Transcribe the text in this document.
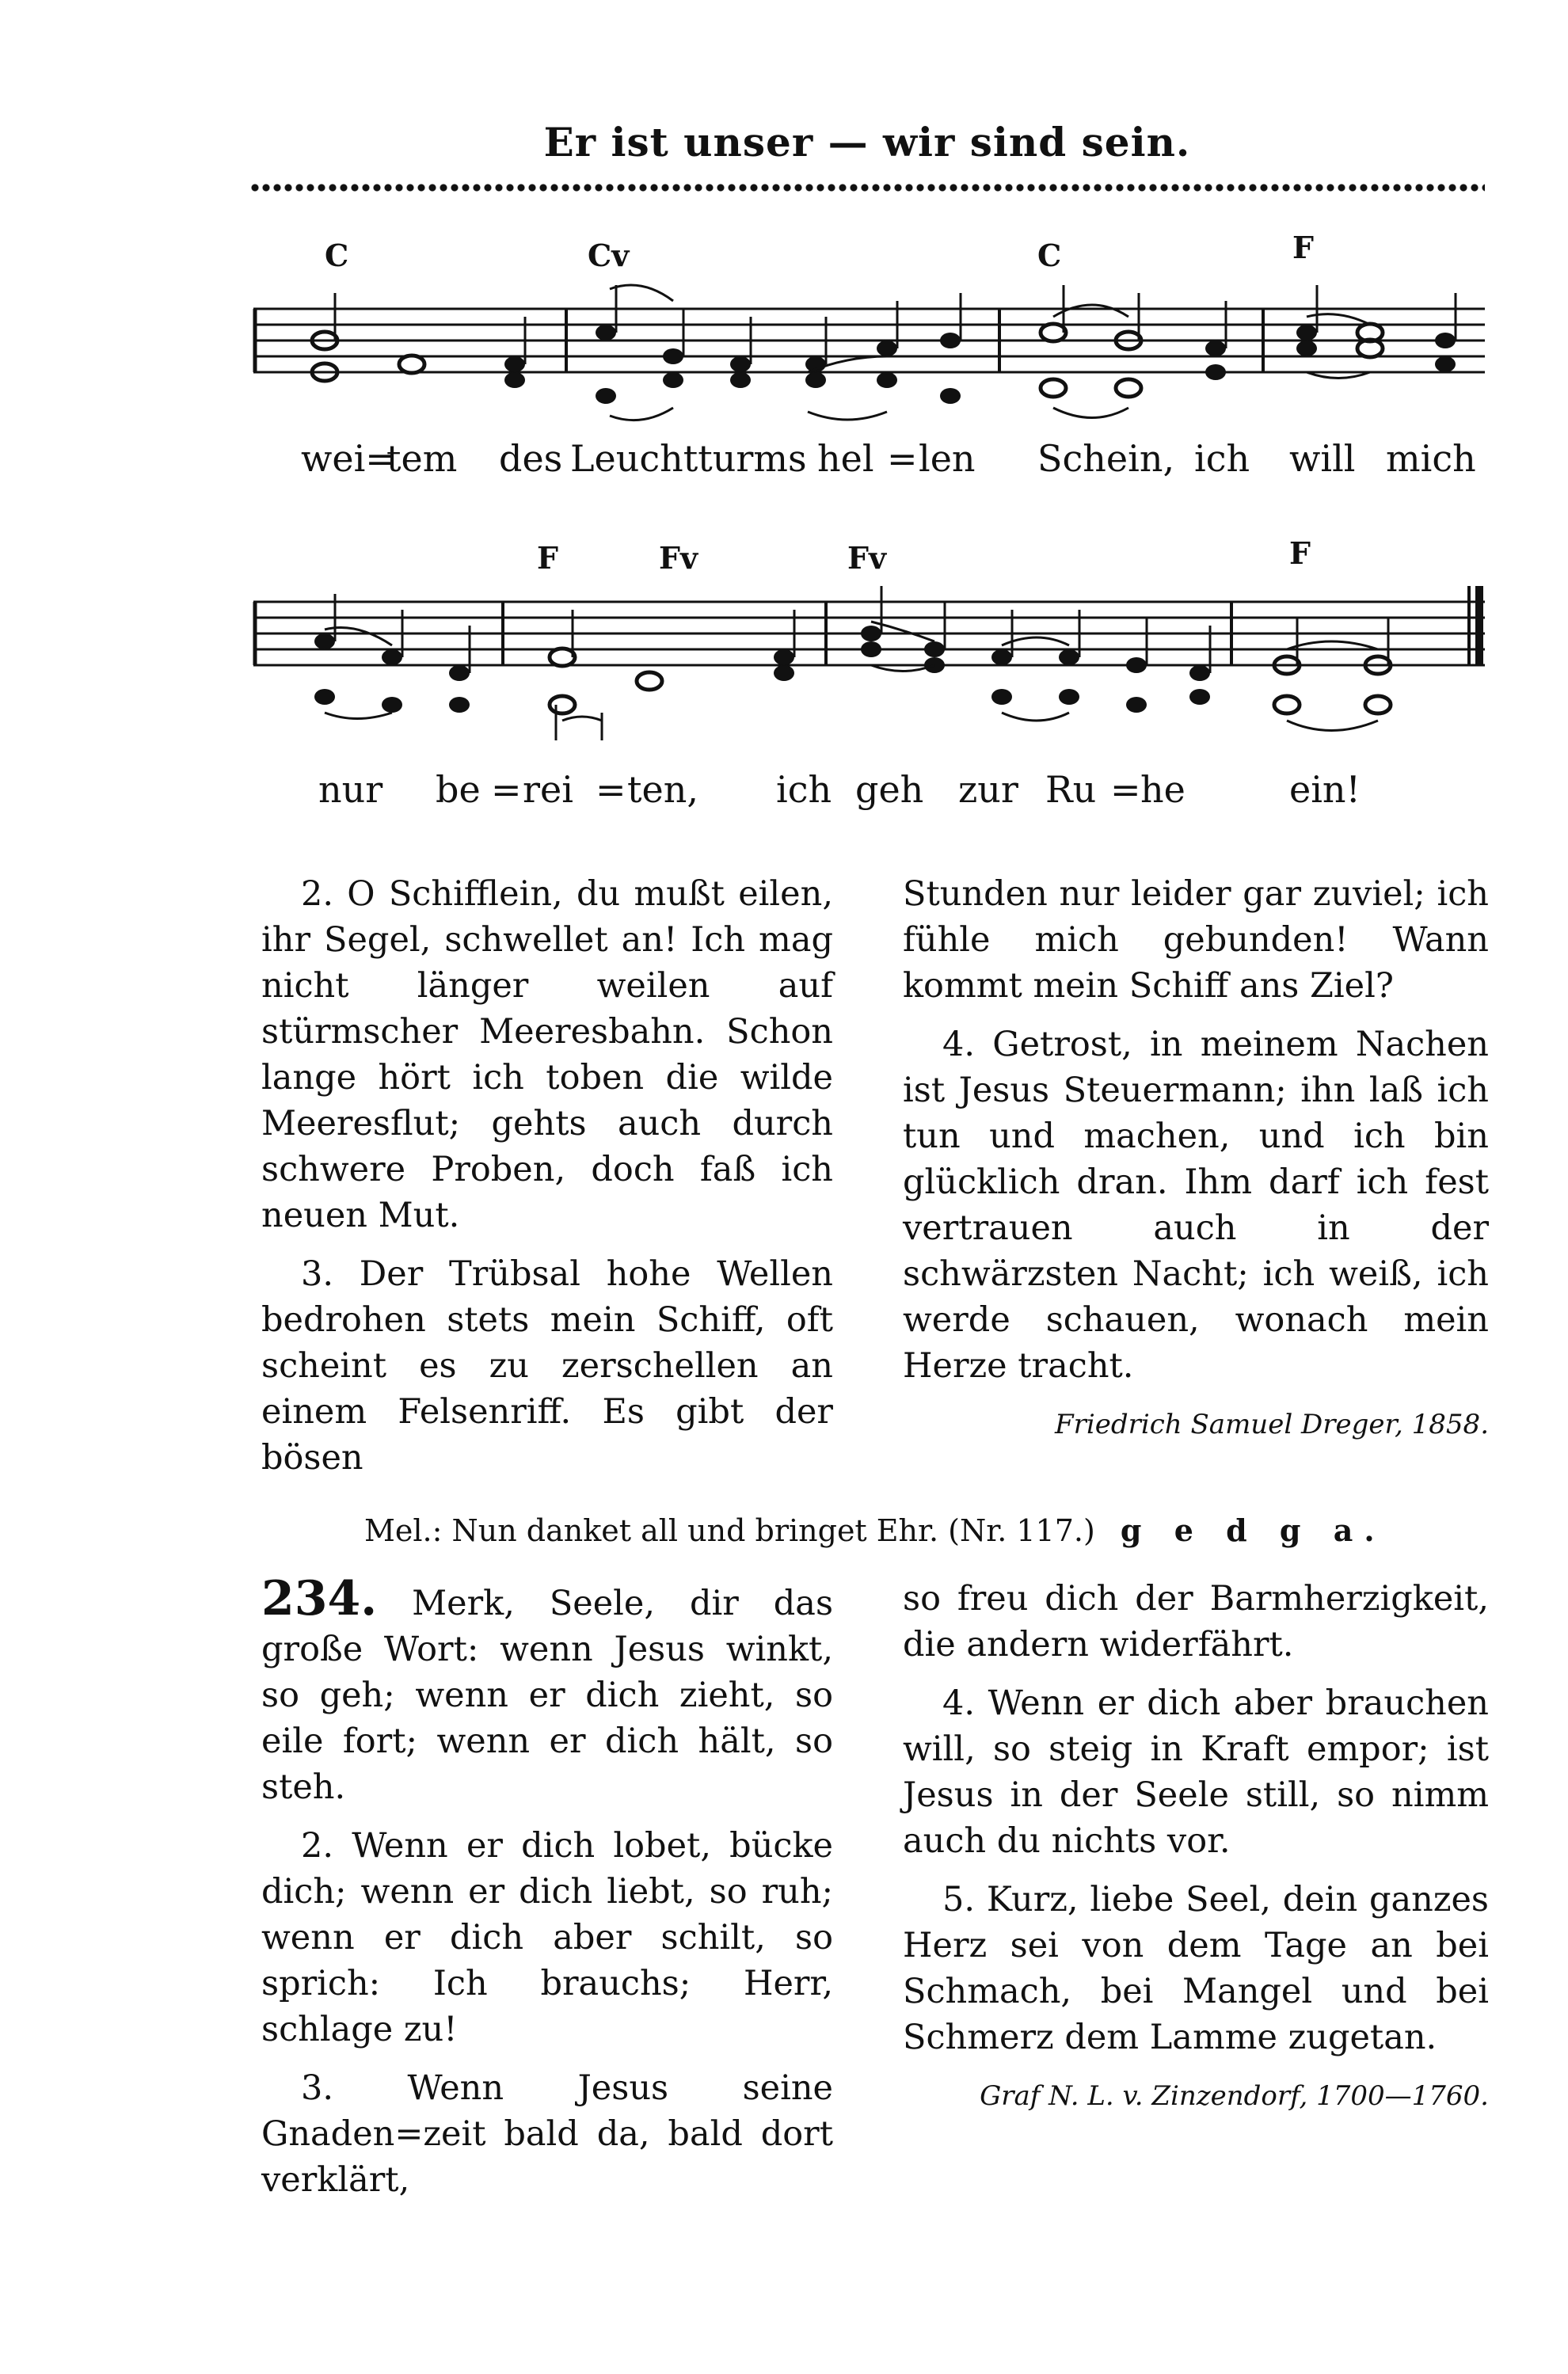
Er ist unser — wir sind sein.
C	Cv	C	F
wei=
tem des Leuchtturms hel = len Schein, ich will mich
F	Fv	Fv	F
nur be = rei = ten, ich geh zur Ru = he	ein!

2. O Schifflein, du mußt eilen, ihr Segel, schwellet an! Ich mag nicht länger weilen auf stürmscher Meeresbahn. Schon lange hört ich toben die wilde Meeresflut; gehts auch durch schwere Proben, doch faß ich neuen Mut.

3. Der Trübsal hohe Wellen bedrohen stets mein Schiff, oft scheint es zu zerschellen an einem Felsenriff. Es gibt der bösen

Stunden nur leider gar zuviel; ich fühle mich gebunden! Wann kommt mein Schiff ans Ziel?

4. Getrost, in meinem Nachen ist Jesus Steuermann; ihn laß ich tun und machen, und ich bin glücklich dran. Ihm darf ich fest vertrauen auch in der schwärzsten Nacht; ich weiß, ich werde schauen, wonach mein Herze tracht.

Friedrich Samuel Dreger, 1858.
Mel.: Nun danket all und bringet Ehr. (Nr. 117.) g e d g a.

234. Merk, Seele, dir das große Wort: wenn Jesus winkt, so geh; wenn er dich zieht, so eile fort; wenn er dich hält, so steh.

2. Wenn er dich lobet, bücke dich; wenn er dich liebt, so ruh; wenn er dich aber schilt, so sprich: Ich brauchs; Herr, schlage zu!

3. Wenn Jesus seine Gnaden=zeit bald da, bald dort verklärt,

so freu dich der Barmherzigkeit, die andern widerfährt.

4. Wenn er dich aber brauchen will, so steig in Kraft empor; ist Jesus in der Seele still, so nimm auch du nichts vor.

5. Kurz, liebe Seel, dein ganzes Herz sei von dem Tage an bei Schmach, bei Mangel und bei Schmerz dem Lamme zugetan.

Graf N. L. v. Zinzendorf, 1700—1760.
